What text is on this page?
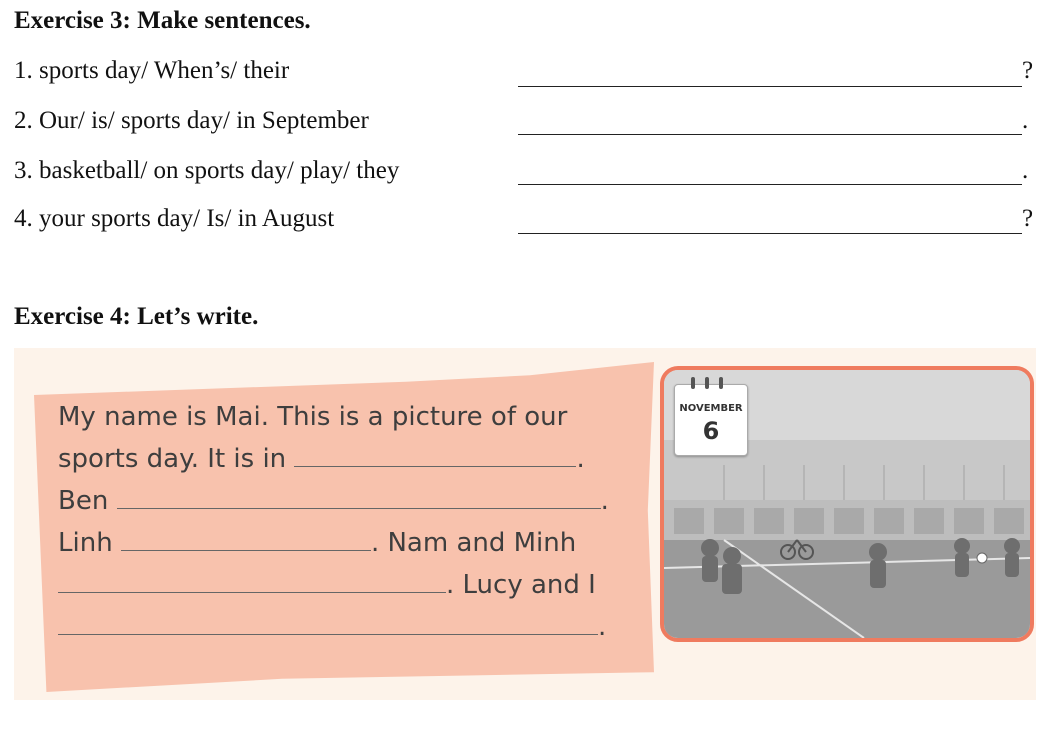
Exercise 3: Make sentences.
1. sports day/ When’s/ their	?
2. Our/ is/ sports day/ in September	.
3. basketball/ on sports day/ play/ they	.
4. your sports day/ Is/ in August	?
Exercise 4: Let’s write.
My name is Mai. This is a picture of our
sports day. It is in	.
Ben	.
Linh	. Nam and Minh
. Lucy and I
.
NOVEMBER
6
